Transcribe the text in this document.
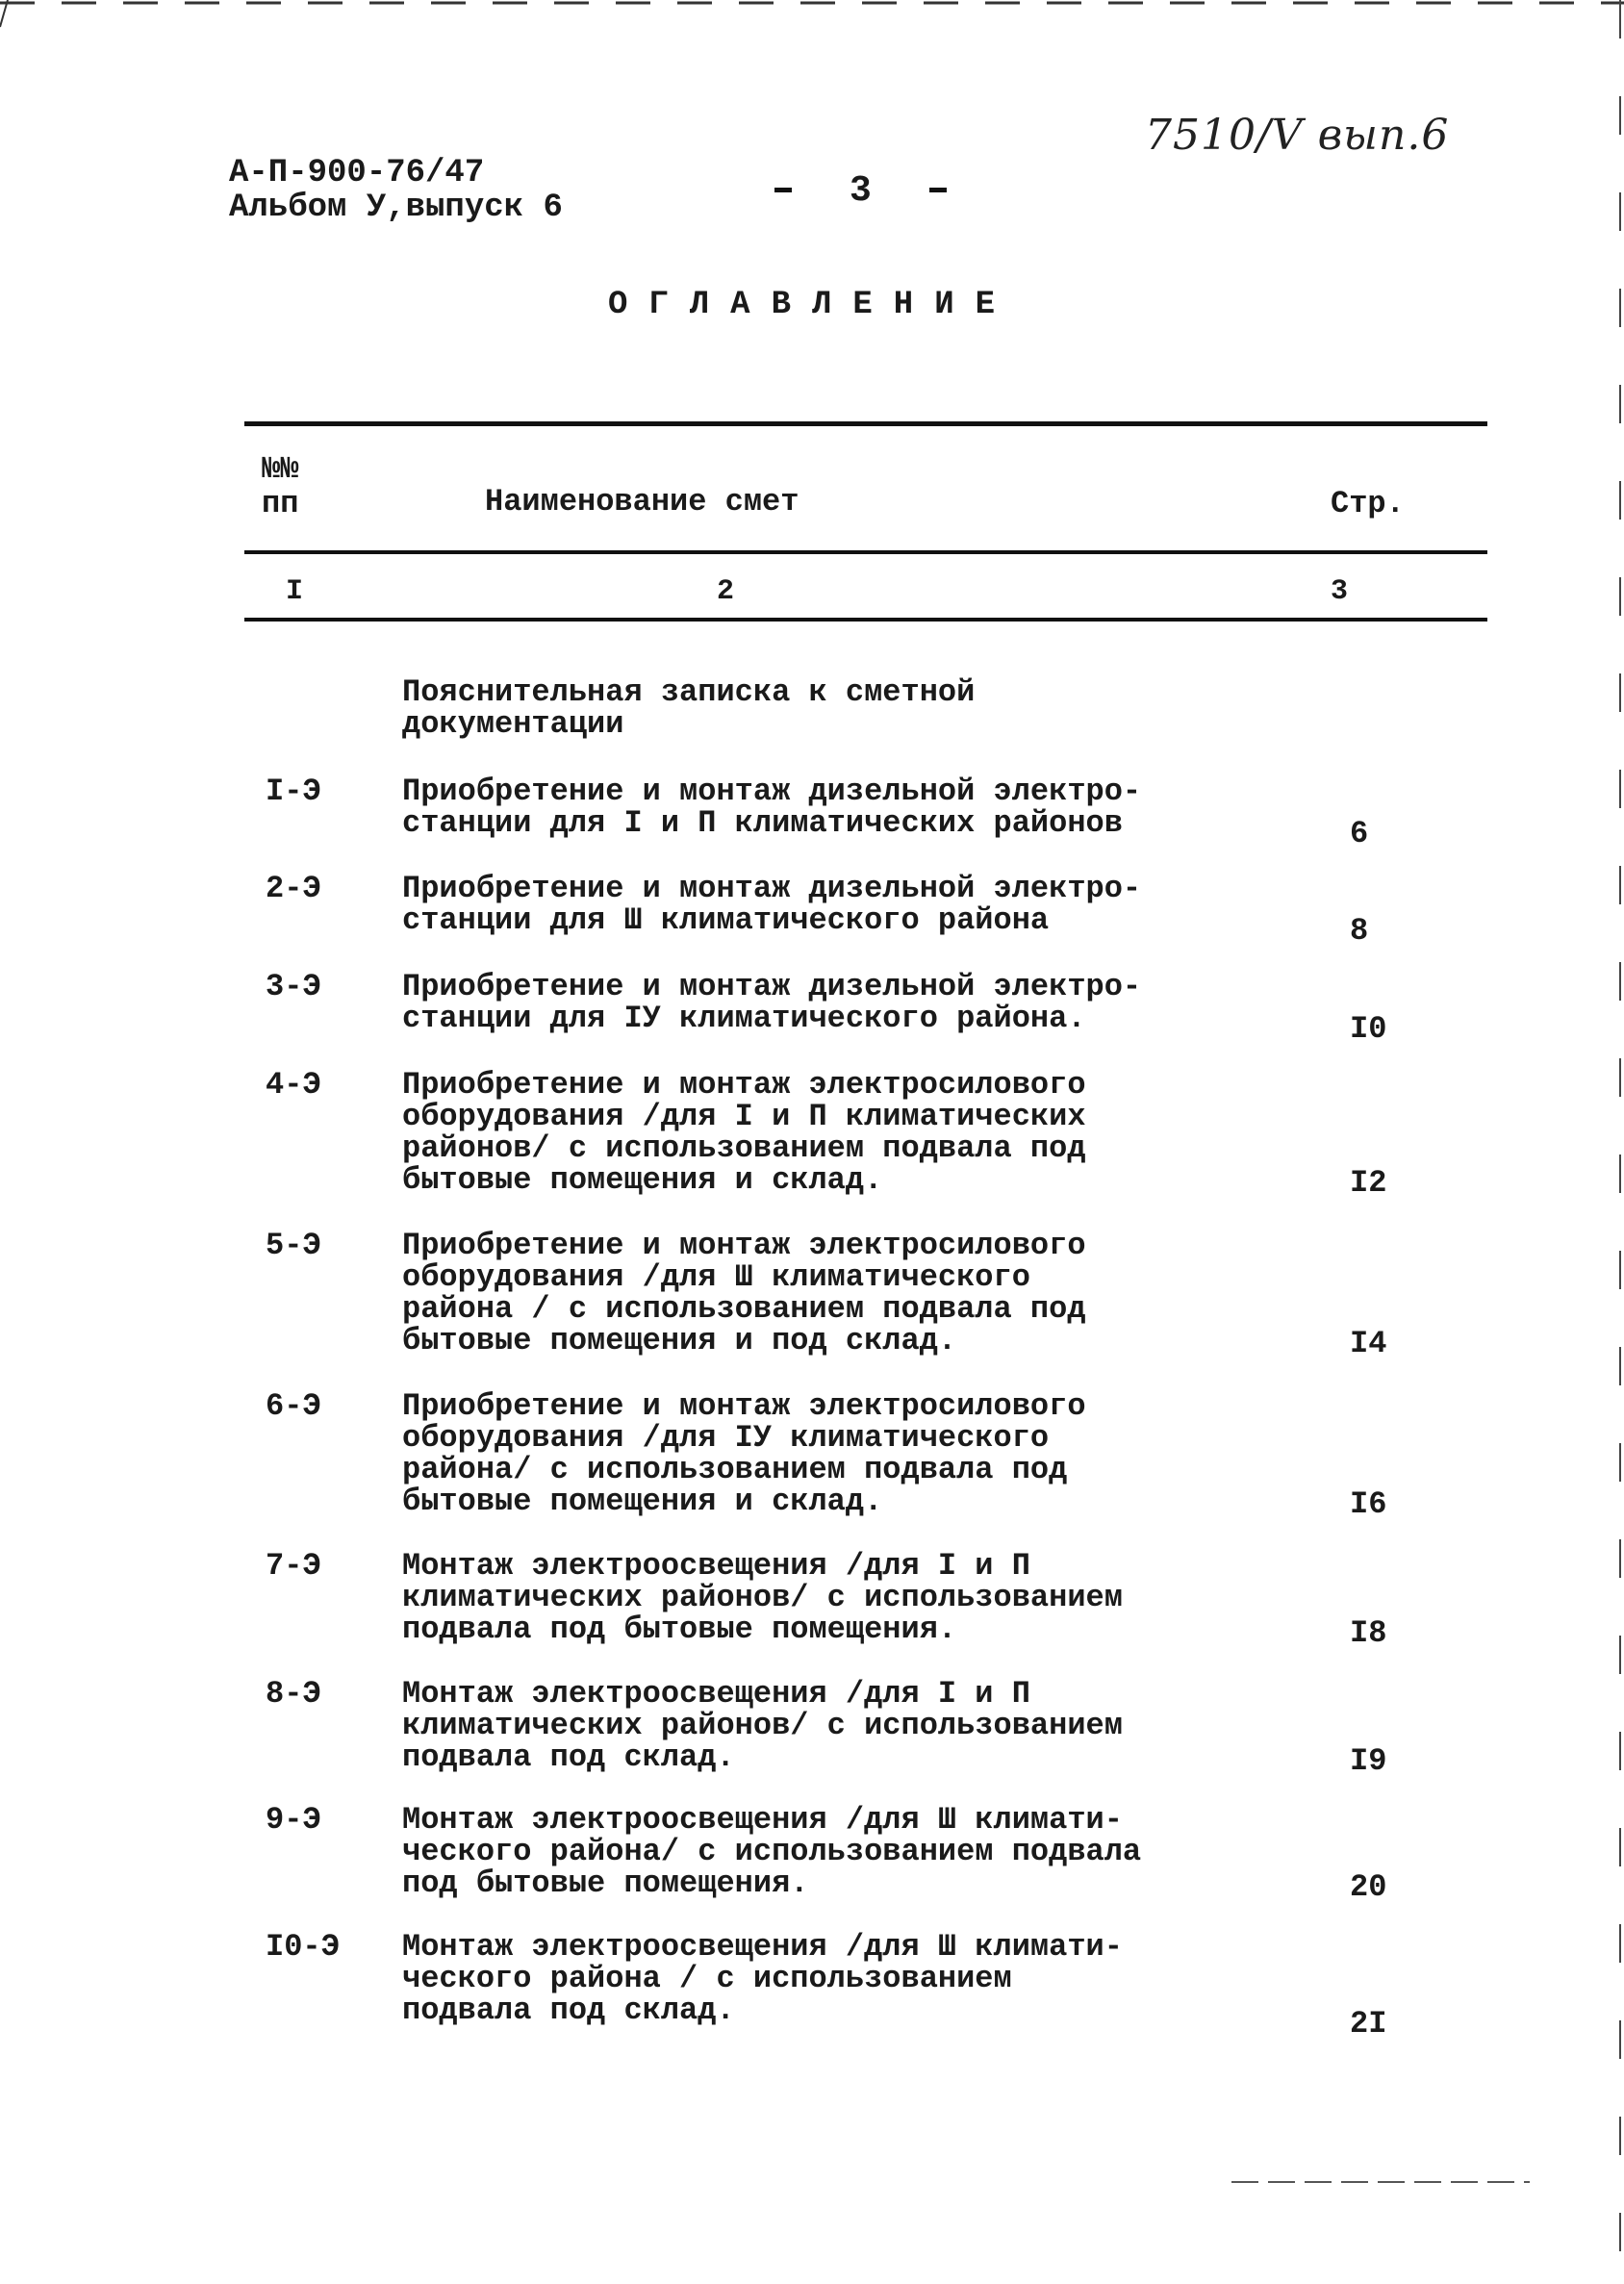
7510/Ⅴ вып.6
А-П-900-76/47
Альбом У,выпуск 6	3
ОГЛАВЛЕНИЕ
№№
пп	Наименование смет	Стр.
I	2	3
Пояснительная записка к сметной
документации
I-Э	Приобретение и монтаж дизельной электро-
станции для I и П климатических районов	6
2-Э	Приобретение и монтаж дизельной электро-
станции для Ш климатического района	8
3-Э	Приобретение и монтаж дизельной электро-
станции для IУ климатического района.	I0
4-Э	Приобретение и монтаж электросилового
оборудования /для I и П климатических
районов/ с использованием подвала под
бытовые помещения и склад.	I2
5-Э	Приобретение и монтаж электросилового
оборудования /для Ш климатического
района / с использованием подвала под
бытовые помещения и под склад.	I4
6-Э	Приобретение и монтаж электросилового
оборудования /для IУ климатического
района/ с использованием подвала под
бытовые помещения и склад.	I6
7-Э	Монтаж электроосвещения /для I и П
климатических районов/ с использованием
подвала под бытовые помещения.	I8
8-Э	Монтаж электроосвещения /для I и П
климатических районов/ с использованием
подвала под склад.	I9
9-Э	Монтаж электроосвещения /для Ш климати-
ческого района/ с использованием подвала
под бытовые помещения.	20
I0-Э Монтаж электроосвещения /для Ш климати-
ческого района / с использованием
подвала под склад.	2I
